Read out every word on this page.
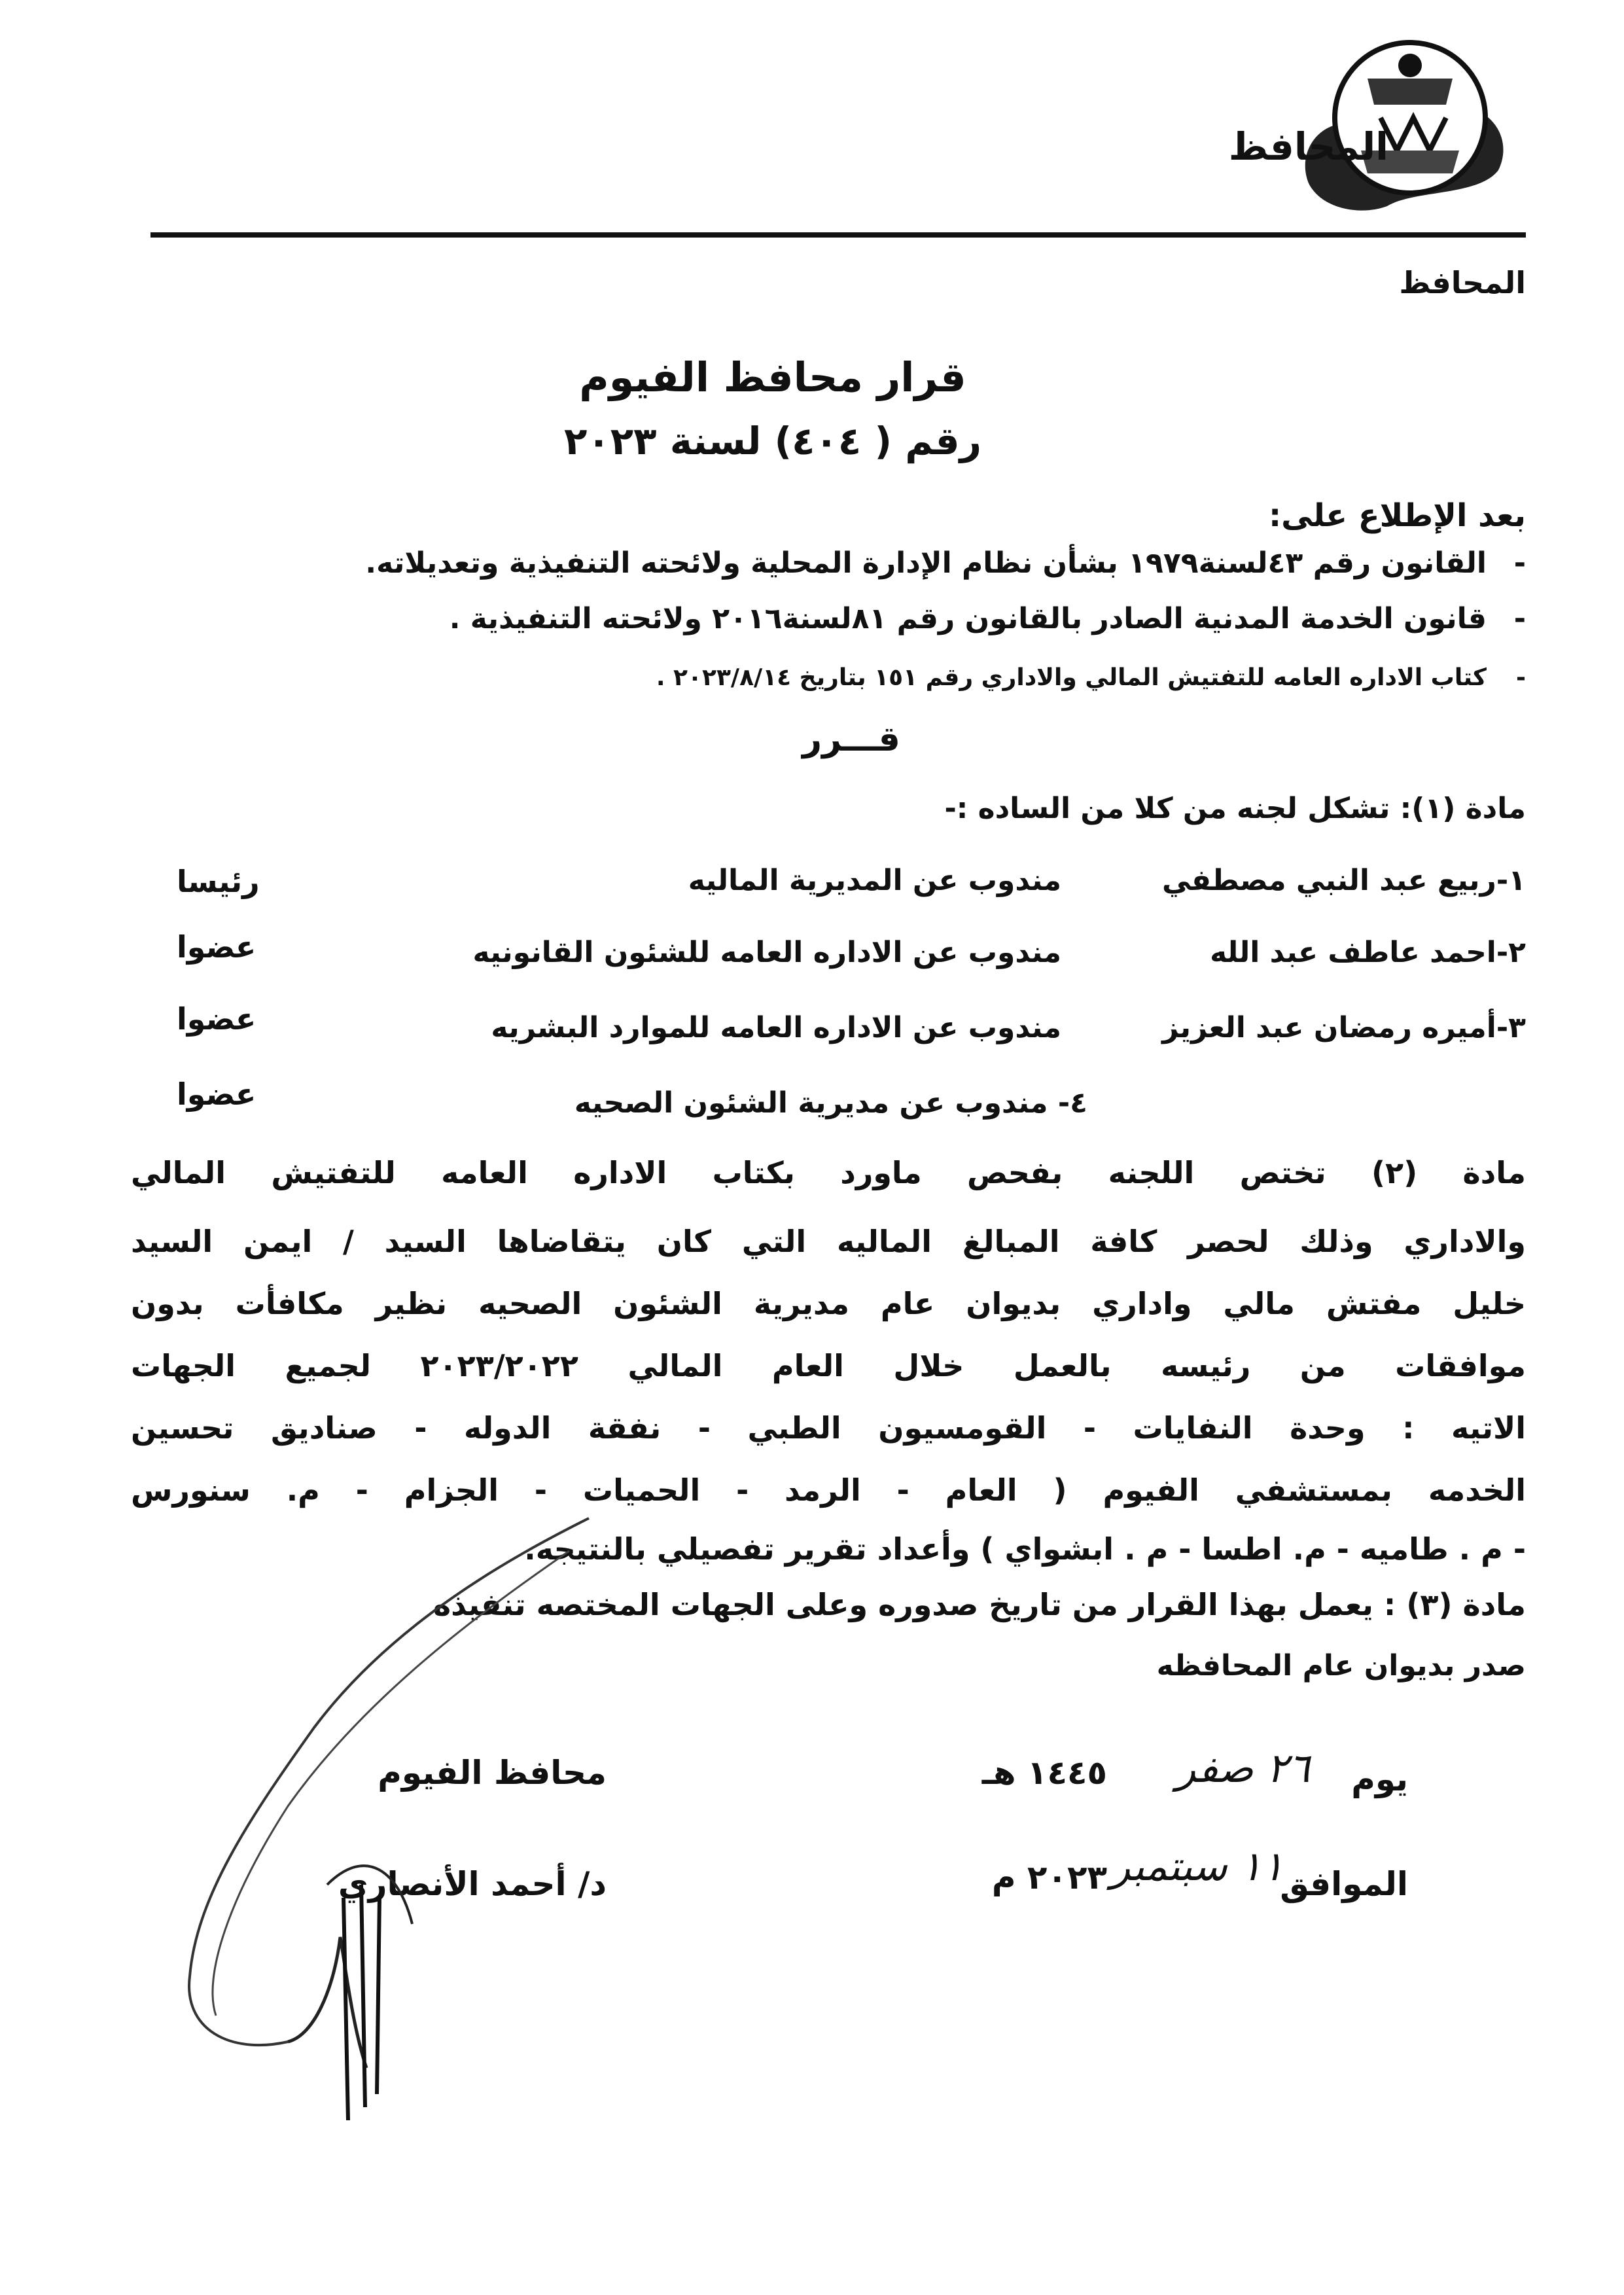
المحافظ
المحافظ
قرار محافظ الفيوم
رقم ( ٤٠٤) لسنة ٢٠٢٣
بعد الإطلاع على:
-القانون رقم ٤٣لسنة١٩٧٩ بشأن نظام الإدارة المحلية ولائحته التنفيذية وتعديلاته.
-قانون الخدمة المدنية الصادر بالقانون رقم ٨١لسنة٢٠١٦ ولائحته التنفيذية .
-كتاب الاداره العامه للتفتيش المالي والاداري رقم ١٥١ بتاريخ ٢٠٢٣/٨/١٤ .
قـــرر
مادة (١): تشكل لجنه من كلا من الساده :-
١-ربيع عبد النبي مصطفي
مندوب عن المديرية الماليه
رئيسا
٢-احمد عاطف عبد الله
مندوب عن الاداره العامه للشئون القانونيه
عضوا
٣-أميره رمضان عبد العزيز
مندوب عن الاداره العامه للموارد البشريه
عضوا
٤- مندوب عن مديرية الشئون الصحيه
عضوا
مادة (٢) تختص اللجنه بفحص ماورد بكتاب الاداره العامه للتفتيش المالي
والاداري وذلك لحصر كافة المبالغ الماليه التي كان يتقاضاها السيد / ايمن السيد
خليل مفتش مالي واداري بديوان عام مديرية الشئون الصحيه نظير مكافأت بدون
موافقات من رئيسه بالعمل خلال العام المالي ٢٠٢٣/٢٠٢٢ لجميع الجهات
الاتيه : وحدة النفايات - القومسيون الطبي - نفقة الدوله - صناديق تحسين
الخدمه بمستشفي الفيوم ( العام - الرمد - الحميات - الجزام - م. سنورس
- م . طاميه - م. اطسا - م . ابشواي ) وأعداد تقرير تفصيلي بالنتيجه.
مادة (٣) : يعمل بهذا القرار من تاريخ صدوره وعلى الجهات المختصه تنفيذه
صدر بديوان عام المحافظه
يوم
٢٦ صفر
١٤٤٥ هـ
الموافق
١١ سبتمبر
٢٠٢٣ م
محافظ الفيوم
د/ أحمد الأنصاري
